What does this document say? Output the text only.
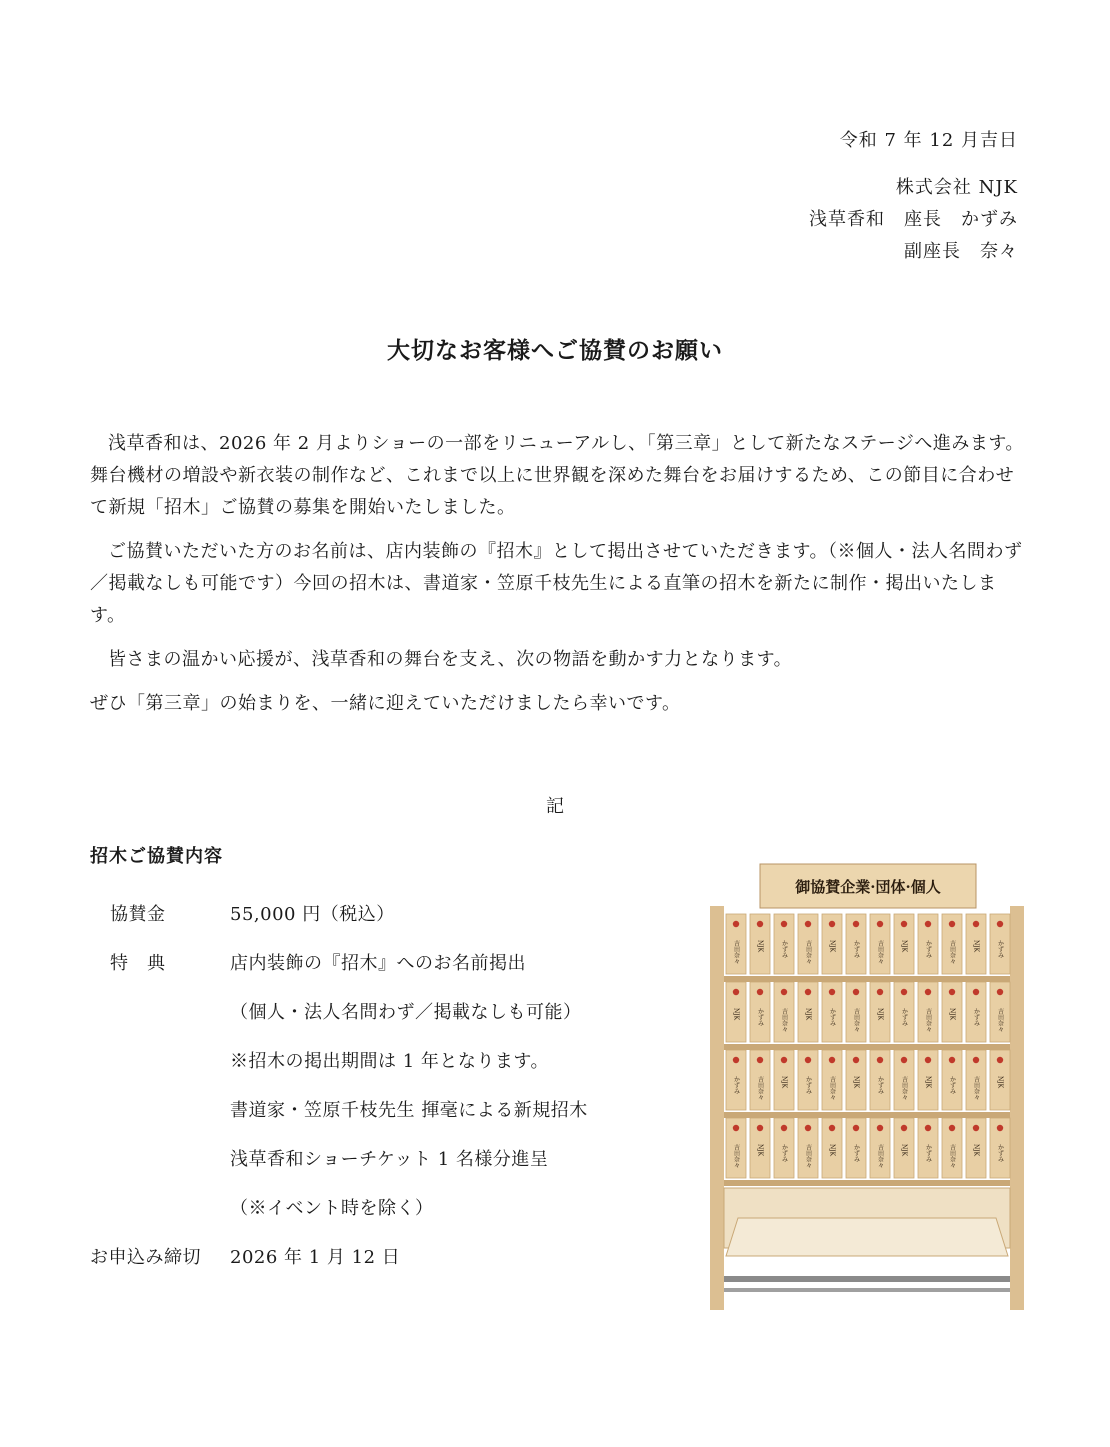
令和 7 年 12 月吉日
株式会社 NJK
浅草香和　座長　かずみ
副座長　奈々
大切なお客様へご協賛のお願い

浅草香和は、2026 年 2 月よりショーの一部をリニューアルし、「第三章」として新たなステージへ進みます。舞台機材の増設や新衣装の制作など、これまで以上に世界観を深めた舞台をお届けするため、この節目に合わせて新規「招木」ご協賛の募集を開始いたしました。

ご協賛いただいた方のお名前は、店内装飾の『招木』として掲出させていただきます。（※個人・法人名問わず／掲載なしも可能です）今回の招木は、書道家・笠原千枝先生による直筆の招木を新たに制作・掲出いたします。

皆さまの温かい応援が、浅草香和の舞台を支え、次の物語を動かす力となります。

ぜひ「第三章」の始まりを、一緒に迎えていただけましたら幸いです。

記
招木ご協賛内容
協賛金	55,000 円（税込）
特　典	店内装飾の『招木』へのお名前掲出
（個人・法人名問わず／掲載なしも可能）
※招木の掲出期間は 1 年となります。
書道家・笠原千枝先生 揮毫による新規招木
浅草香和ショーチケット 1 名様分進呈
（※イベント時を除く）
お申込み締切	2026 年 1 月 12 日
御協賛企業·団体·個人
吉田奈々	NJK	かずみ	吉田奈々	NJK	かずみ	吉田奈々	NJK	かずみ	吉田奈々	NJK	かずみ
NJK	かずみ	吉田奈々	NJK	かずみ	吉田奈々	NJK	かずみ	吉田奈々	NJK	かずみ	吉田奈々
かずみ	吉田奈々	NJK	かずみ	吉田奈々	NJK	かずみ	吉田奈々	NJK	かずみ	吉田奈々	NJK
吉田奈々	NJK	かずみ	吉田奈々	NJK	かずみ	吉田奈々	NJK	かずみ	吉田奈々	NJK	かずみ
